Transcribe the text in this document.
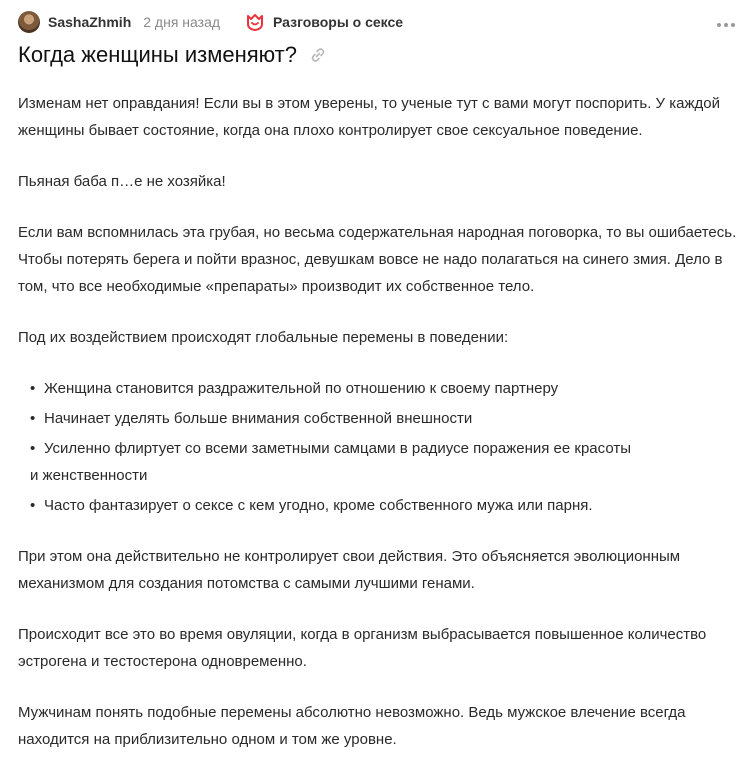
SashaZhmih 2 дня назад	Разговоры о сексе
Когда женщины изменяют?

Изменам нет оправдания! Если вы в этом уверены, то ученые тут с вами могут поспорить. У каждой женщины бывает состояние, когда она плохо контролирует свое сексуальное поведение.

Пьяная баба п…е не хозяйка!

Если вам вспомнилась эта грубая, но весьма содержательная народная поговорка, то вы ошибаетесь. Чтобы потерять берега и пойти вразнос, девушкам вовсе не надо полагаться на синего змия. Дело в том, что все необходимые «препараты» производит их собственное тело.

Под их воздействием происходят глобальные перемены в поведении:

• Женщина становится раздражительной по отношению к своему партнеру
• Начинает уделять больше внимания собственной внешности
• Усиленно флиртует со всеми заметными самцами в радиусе поражения ее красоты
и женственности
• Часто фантазирует о сексе с кем угодно, кроме собственного мужа или парня.

При этом она действительно не контролирует свои действия. Это объясняется эволюционным механизмом для создания потомства с самыми лучшими генами.

Происходит все это во время овуляции, когда в организм выбрасывается повышенное количество эстрогена и тестостерона одновременно.

Мужчинам понять подобные перемены абсолютно невозможно. Ведь мужское влечение всегда находится на приблизительно одном и том же уровне.
